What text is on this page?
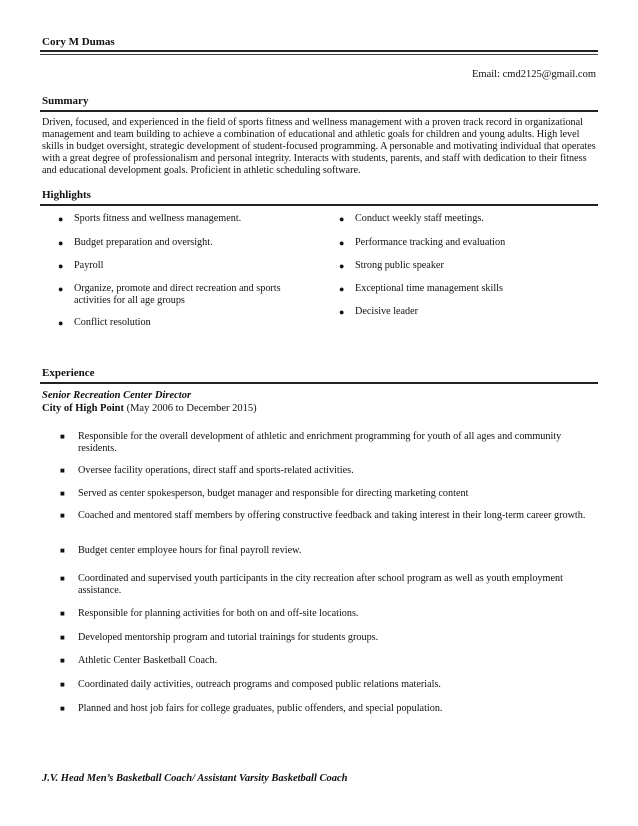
Cory M Dumas
Email: cmd2125@gmail.com
Summary
Driven, focused, and experienced in the field of sports fitness and wellness management with a proven track record in organizational management and team building to achieve a combination of educational and athletic goals for children and young adults. High level skills in budget oversight, strategic development of student-focused programming. A personable and motivating individual that operates with a great degree of professionalism and personal integrity. Interacts with students, parents, and staff with dedication to their fitness and educational development goals. Proficient in athletic scheduling software.
Highlights
●	Sports fitness and wellness management.
●	Budget preparation and oversight.
●	Payroll
●	Organize, promote and direct recreation and sports activities for all age groups
●	Conflict resolution
●	Conduct weekly staff meetings.
●	Performance tracking and evaluation
●	Strong public speaker
●	Exceptional time management skills
●	Decisive leader
Experience
Senior Recreation Center Director
City of High Point (May 2006 to December 2015)
■	Responsible for the overall development of athletic and enrichment programming for youth of all ages and community residents.
■	Oversee facility operations, direct staff and sports-related activities.
■	Served as center spokesperson, budget manager and responsible for directing marketing content
■	Coached and mentored staff members by offering constructive feedback and taking interest in their long-term career growth.
■	Budget center employee hours for final payroll review.
■	Coordinated and supervised youth participants in the city recreation after school program as well as youth employment assistance.
■	Responsible for planning activities for both on and off-site locations.
■	Developed mentorship program and tutorial trainings for students groups.
■	Athletic Center Basketball Coach.
■	Coordinated daily activities, outreach programs and composed public relations materials.
■	Planned and host job fairs for college graduates, public offenders, and special population.
J.V. Head Men’s Basketball Coach/ Assistant Varsity Basketball Coach
